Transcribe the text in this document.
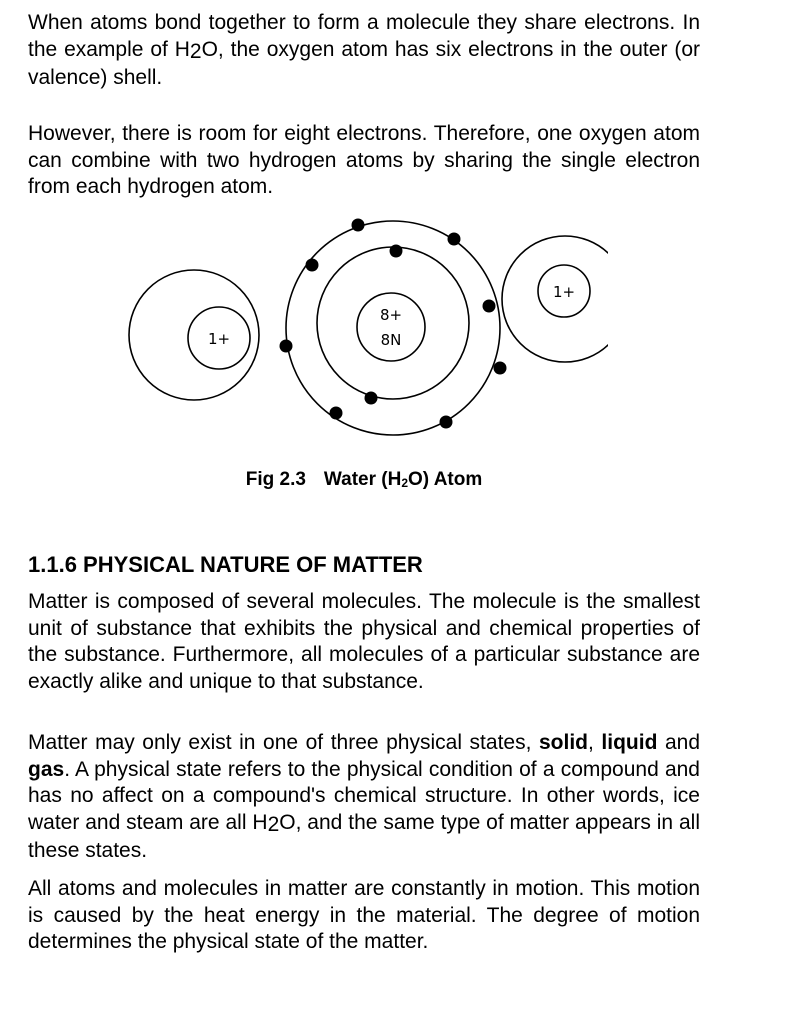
When atoms bond together to form a molecule they share electrons. In the example of H2O, the oxygen atom has six electrons in the outer (or valence) shell.

However, there is room for eight electrons. Therefore, one oxygen atom can combine with two hydrogen atoms by sharing the single electron from each hydrogen atom.

1+
8+
8N
1+
Fig 2.3 Water $(H_2O)$ Atom
1.1.6 PHYSICAL NATURE OF MATTER

Matter is composed of several molecules. The molecule is the smallest unit of substance that exhibits the physical and chemical properties of the substance. Furthermore, all molecules of a particular substance are exactly alike and unique to that substance.

Matter may only exist in one of three physical states, solid, liquid and gas. A physical state refers to the physical condition of a compound and has no affect on a compound's chemical structure. In other words, ice water and steam are all H2O, and the same type of matter appears in all these states.

All atoms and molecules in matter are constantly in motion. This motion is caused by the heat energy in the material. The degree of motion determines the physical state of the matter.
